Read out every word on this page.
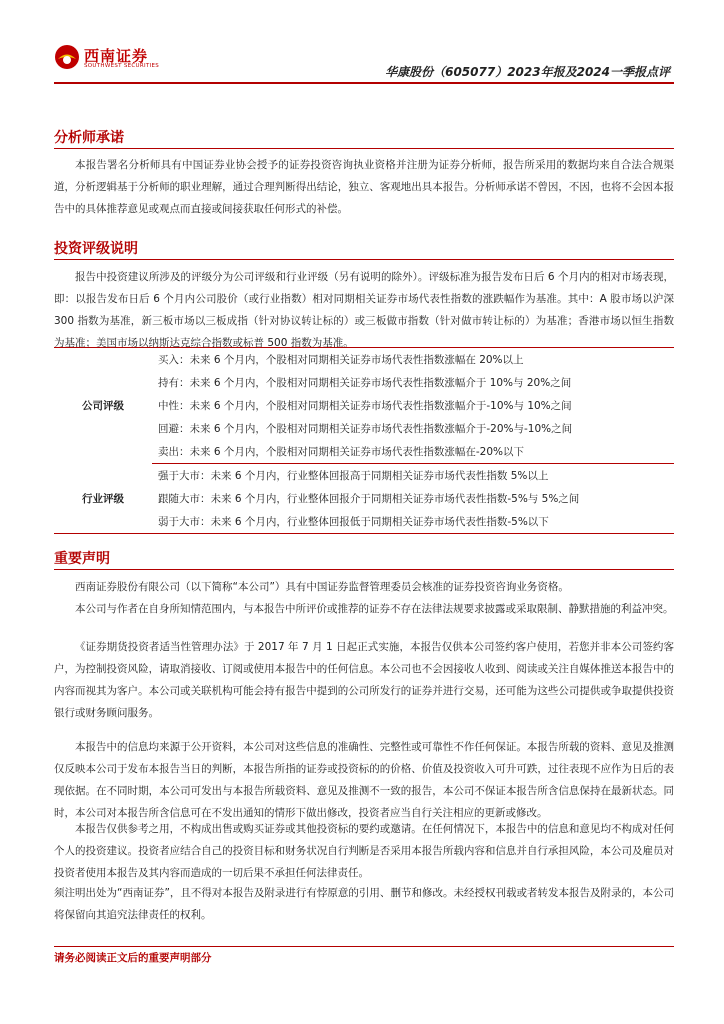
西南证券
SOUTHWEST SECURITIES	华康股份（605077）2023年报及2024一季报点评
分析师承诺

本报告署名分析师具有中国证券业协会授予的证券投资咨询执业资格并注册为证券分析师，报告所采用的数据均来自合法合规渠道，分析逻辑基于分析师的职业理解，通过合理判断得出结论，独立、客观地出具本报告。分析师承诺不曾因，不因，也将不会因本报告中的具体推荐意见或观点而直接或间接获取任何形式的补偿。

投资评级说明

报告中投资建议所涉及的评级分为公司评级和行业评级（另有说明的除外）。评级标准为报告发布日后 6 个月内的相对市场表现，即：以报告发布日后 6 个月内公司股价（或行业指数）相对同期相关证券市场代表性指数的涨跌幅作为基准。其中：A 股市场以沪深 300 指数为基准，新三板市场以三板成指（针对协议转让标的）或三板做市指数（针对做市转让标的）为基准；香港市场以恒生指数为基准；美国市场以纳斯达克综合指数或标普 500 指数为基准。

公司评级	买入：未来 6 个月内，个股相对同期相关证券市场代表性指数涨幅在 20%以上
	持有：未来 6 个月内，个股相对同期相关证券市场代表性指数涨幅介于 10%与 20%之间
	中性：未来 6 个月内，个股相对同期相关证券市场代表性指数涨幅介于-10%与 10%之间
	回避：未来 6 个月内，个股相对同期相关证券市场代表性指数涨幅介于-20%与-10%之间
	卖出：未来 6 个月内，个股相对同期相关证券市场代表性指数涨幅在-20%以下
行业评级	强于大市：未来 6 个月内，行业整体回报高于同期相关证券市场代表性指数 5%以上
	跟随大市：未来 6 个月内，行业整体回报介于同期相关证券市场代表性指数-5%与 5%之间
	弱于大市：未来 6 个月内，行业整体回报低于同期相关证券市场代表性指数-5%以下
重要声明

西南证券股份有限公司（以下简称“本公司”）具有中国证券监督管理委员会核准的证券投资咨询业务资格。

本公司与作者在自身所知情范围内，与本报告中所评价或推荐的证券不存在法律法规要求披露或采取限制、静默措施的利益冲突。

《证券期货投资者适当性管理办法》于 2017 年 7 月 1 日起正式实施，本报告仅供本公司签约客户使用，若您并非本公司签约客户，为控制投资风险，请取消接收、订阅或使用本报告中的任何信息。本公司也不会因接收人收到、阅读或关注自媒体推送本报告中的内容而视其为客户。本公司或关联机构可能会持有报告中提到的公司所发行的证券并进行交易，还可能为这些公司提供或争取提供投资银行或财务顾问服务。

本报告中的信息均来源于公开资料，本公司对这些信息的准确性、完整性或可靠性不作任何保证。本报告所载的资料、意见及推测仅反映本公司于发布本报告当日的判断，本报告所指的证券或投资标的的价格、价值及投资收入可升可跌，过往表现不应作为日后的表现依据。在不同时期，本公司可发出与本报告所载资料、意见及推测不一致的报告，本公司不保证本报告所含信息保持在最新状态。同时，本公司对本报告所含信息可在不发出通知的情形下做出修改，投资者应当自行关注相应的更新或修改。

本报告仅供参考之用，不构成出售或购买证券或其他投资标的要约或邀请。在任何情况下，本报告中的信息和意见均不构成对任何个人的投资建议。投资者应结合自己的投资目标和财务状况自行判断是否采用本报告所载内容和信息并自行承担风险，本公司及雇员对投资者使用本报告及其内容而造成的一切后果不承担任何法律责任。

须注明出处为“西南证券”，且不得对本报告及附录进行有悖原意的引用、删节和修改。未经授权刊载或者转发本报告及附录的，本公司将保留向其追究法律责任的权利。

请务必阅读正文后的重要声明部分
